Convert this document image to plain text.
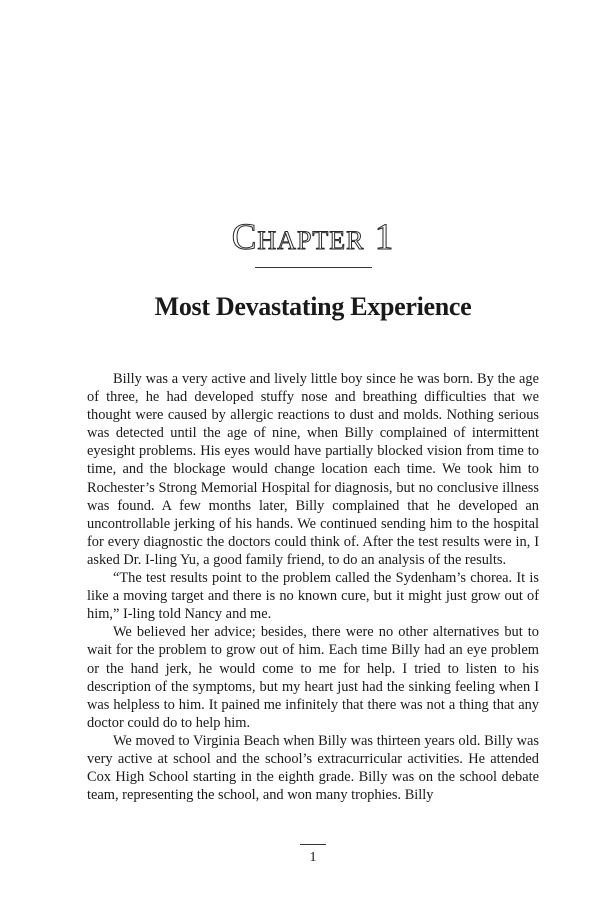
Chapter 1
Most Devastating Experience

Billy was a very active and lively little boy since he was born. By the age of three, he had developed stuffy nose and breathing difficulties that we thought were caused by allergic reactions to dust and molds. Nothing serious was detected until the age of nine, when Billy complained of intermittent eyesight problems. His eyes would have partially blocked vision from time to time, and the blockage would change location each time. We took him to Rochester’s Strong Memorial Hospital for diagnosis, but no conclusive illness was found. A few months later, Billy complained that he developed an uncontrollable jerking of his hands. We continued sending him to the hospital for every diagnostic the doctors could think of. After the test results were in, I asked Dr. I-ling Yu, a good family friend, to do an analysis of the results.

“The test results point to the problem called the Sydenham’s chorea. It is like a moving target and there is no known cure, but it might just grow out of him,” I-ling told Nancy and me.

We believed her advice; besides, there were no other alternatives but to wait for the problem to grow out of him. Each time Billy had an eye problem or the hand jerk, he would come to me for help. I tried to listen to his description of the symptoms, but my heart just had the sinking feeling when I was helpless to him. It pained me infinitely that there was not a thing that any doctor could do to help him.

We moved to Virginia Beach when Billy was thirteen years old. Billy was very active at school and the school’s extracurricular activities. He attended Cox High School starting in the eighth grade. Billy was on the school debate team, representing the school, and won many trophies. Billy

1
